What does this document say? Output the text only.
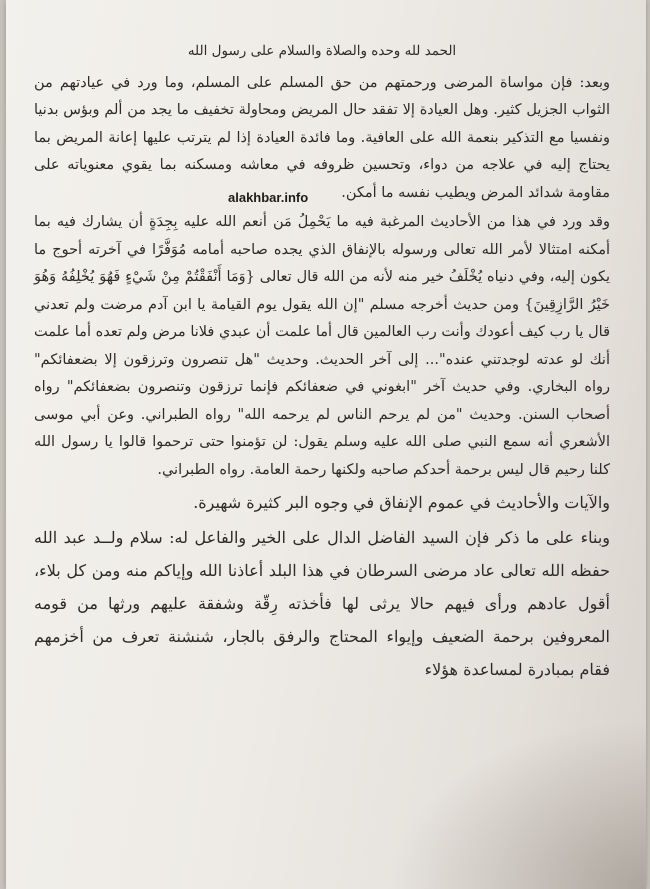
الحمد لله وحده والصلاة والسلام على رسول الله

وبعد: فإن مواساة المرضى ورحمتهم من حق المسلم على المسلم، وما ورد في عيادتهم من الثواب الجزيل كثير. وهل العيادة إلا تفقد حال المريض ومحاولة تخفيف ما يجد من ألم وبؤس بدنيا ونفسيا مع التذكير بنعمة الله على العافية. وما فائدة العيادة إذا لم يترتب عليها إعانة المريض بما يحتاج إليه في علاجه من دواء، وتحسين ظروفه في معاشه ومسكنه بما يقوي معنوياته على مقاومة شدائد المرض ويطيب نفسه ما أمكن.

وقد ورد في هذا من الأحاديث المرغبة فيه ما يَحْمِلُ مَن أنعم الله عليه بِجِدَةٍ أن يشارك فيه بما أمكنه امتثالا لأمر الله تعالى ورسوله بالإنفاق الذي يجده صاحبه أمامه مُوَفَّرًا في آخرته أحوج ما يكون إليه، وفي دنياه يُخْلَفُ خير منه لأنه من الله قال تعالى {وَمَا أَنْفَقْتُمْ مِنْ شَيْءٍ فَهُوَ يُخْلِفُهُ وَهُوَ خَيْرُ الرَّازِقِينَ} ومن حديث أخرجه مسلم "إن الله يقول يوم القيامة يا ابن آدم مرضت ولم تعدني قال يا رب كيف أعودك وأنت رب العالمين قال أما علمت أن عبدي فلانا مرض ولم تعده أما علمت أنك لو عدته لوجدتني عنده"... إلى آخر الحديث. وحديث "هل تنصرون وترزقون إلا بضعفائكم" رواه البخاري. وفي حديث آخر "ابغوني في ضعفائكم فإنما ترزقون وتنصرون بضعفائكم" رواه أصحاب السنن. وحديث "من لم يرحم الناس لم يرحمه الله" رواه الطبراني. وعن أبي موسى الأشعري أنه سمع النبي صلى الله عليه وسلم يقول: لن تؤمنوا حتى ترحموا قالوا يا رسول الله كلنا رحيم قال ليس برحمة أحدكم صاحبه ولكنها رحمة العامة. رواه الطبراني.

والآيات والأحاديث في عموم الإنفاق في وجوه البر كثيرة شهيرة.

وبناء على ما ذكر فإن السيد الفاضل الدال على الخير والفاعل له: سلام ولــد عبد الله حفظه الله تعالى عاد مرضى السرطان في هذا البلد أعاذنا الله وإياكم منه ومن كل بلاء، أقول عادهم ورأى فيهم حالا يرثى لها فأخذته رِقّة وشفقة عليهم ورثها من قومه المعروفين برحمة الضعيف وإيواء المحتاج والرفق بالجار، شنشنة تعرف من أخزمهم فقام بمبادرة لمساعدة هؤلاء

alakhbar.info
